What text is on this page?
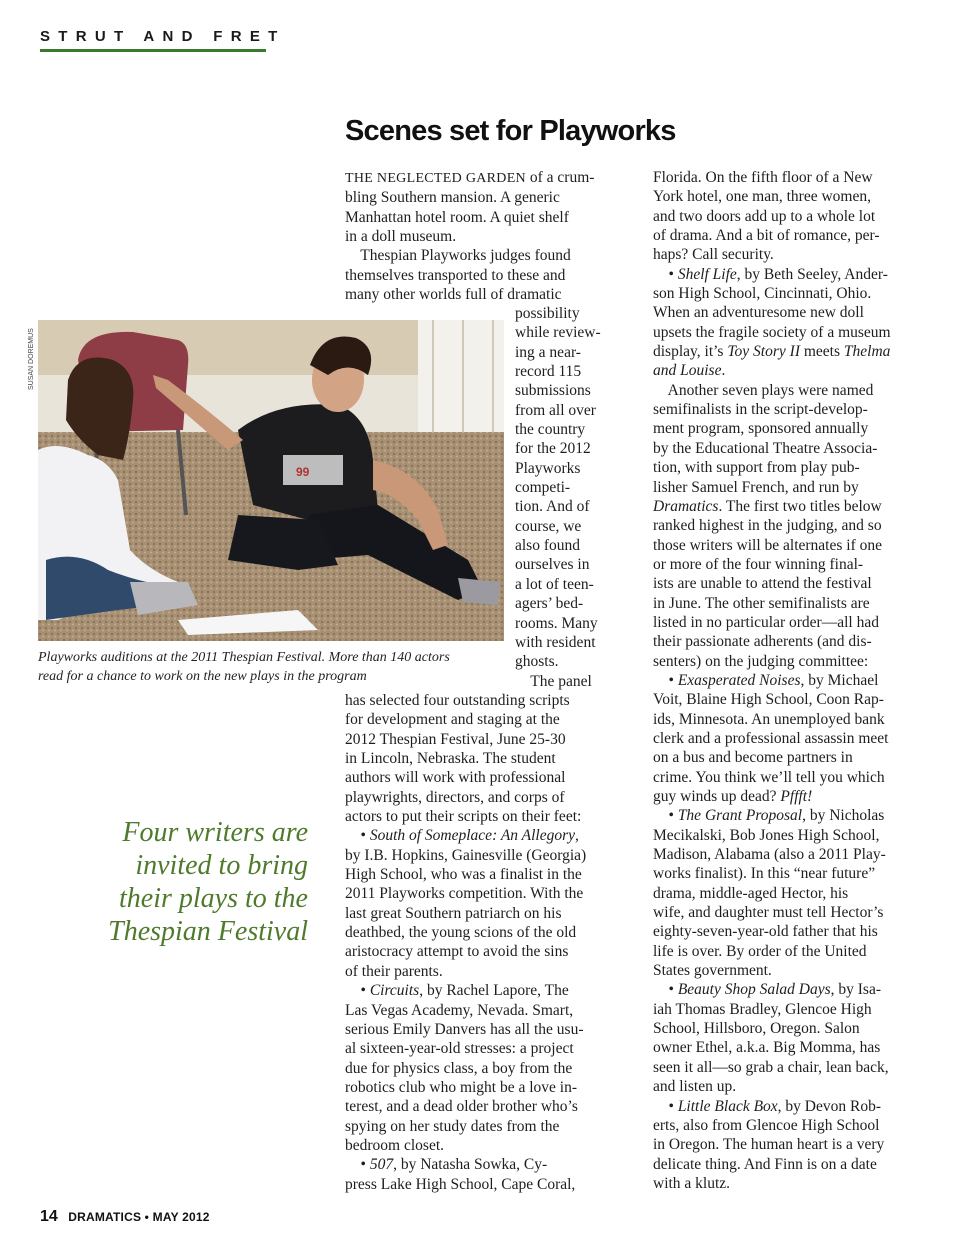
STRUT AND FRET
Scenes set for Playworks
SUSAN DOREMUS
99
Playworks auditions at the 2011 Thespian Festival. More than 140 actors
read for a chance to work on the new plays in the program
Four writers are
invited to bring
their plays to the
Thespian Festival
THE NEGLECTED GARDEN of a crum-
bling Southern mansion. A generic
Manhattan hotel room. A quiet shelf
in a doll museum.
Thespian Playworks judges found
themselves transported to these and
many other worlds full of dramatic
possibility
while review-
ing a near-
record 115
submissions
from all over
the country
for the 2012
Playworks
competi-
tion. And of
course, we
also found
ourselves in
a lot of teen-
agers’ bed-
rooms. Many
with resident
ghosts.
The panel
has selected four outstanding scripts
for development and staging at the
2012 Thespian Festival, June 25-30
in Lincoln, Nebraska. The student
authors will work with professional
playwrights, directors, and corps of
actors to put their scripts on their feet:
• South of Someplace: An Allegory,
by I.B. Hopkins, Gainesville (Georgia)
High School, who was a finalist in the
2011 Playworks competition. With the
last great Southern patriarch on his
deathbed, the young scions of the old
aristocracy attempt to avoid the sins
of their parents.
• Circuits, by Rachel Lapore, The
Las Vegas Academy, Nevada. Smart,
serious Emily Danvers has all the usu-
al sixteen-year-old stresses: a project
due for physics class, a boy from the
robotics club who might be a love in-
terest, and a dead older brother who’s
spying on her study dates from the
bedroom closet.
• 507, by Natasha Sowka, Cy-
press Lake High School, Cape Coral,
Florida. On the fifth floor of a New
York hotel, one man, three women,
and two doors add up to a whole lot
of drama. And a bit of romance, per-
haps? Call security.
• Shelf Life, by Beth Seeley, Ander-
son High School, Cincinnati, Ohio.
When an adventuresome new doll
upsets the fragile society of a museum
display, it’s Toy Story II meets Thelma
and Louise.
Another seven plays were named
semifinalists in the script-develop-
ment program, sponsored annually
by the Educational Theatre Associa-
tion, with support from play pub-
lisher Samuel French, and run by
Dramatics. The first two titles below
ranked highest in the judging, and so
those writers will be alternates if one
or more of the four winning final-
ists are unable to attend the festival
in June. The other semifinalists are
listed in no particular order—all had
their passionate adherents (and dis-
senters) on the judging committee:
• Exasperated Noises, by Michael
Voit, Blaine High School, Coon Rap-
ids, Minnesota. An unemployed bank
clerk and a professional assassin meet
on a bus and become partners in
crime. You think we’ll tell you which
guy winds up dead? Pffft!
• The Grant Proposal, by Nicholas
Mecikalski, Bob Jones High School,
Madison, Alabama (also a 2011 Play-
works finalist). In this “near future”
drama, middle-aged Hector, his
wife, and daughter must tell Hector’s
eighty-seven-year-old father that his
life is over. By order of the United
States government.
• Beauty Shop Salad Days, by Isa-
iah Thomas Bradley, Glencoe High
School, Hillsboro, Oregon. Salon
owner Ethel, a.k.a. Big Momma, has
seen it all—so grab a chair, lean back,
and listen up.
• Little Black Box, by Devon Rob-
erts, also from Glencoe High School
in Oregon. The human heart is a very
delicate thing. And Finn is on a date
with a klutz.
14 DRAMATICS • MAY 2012
